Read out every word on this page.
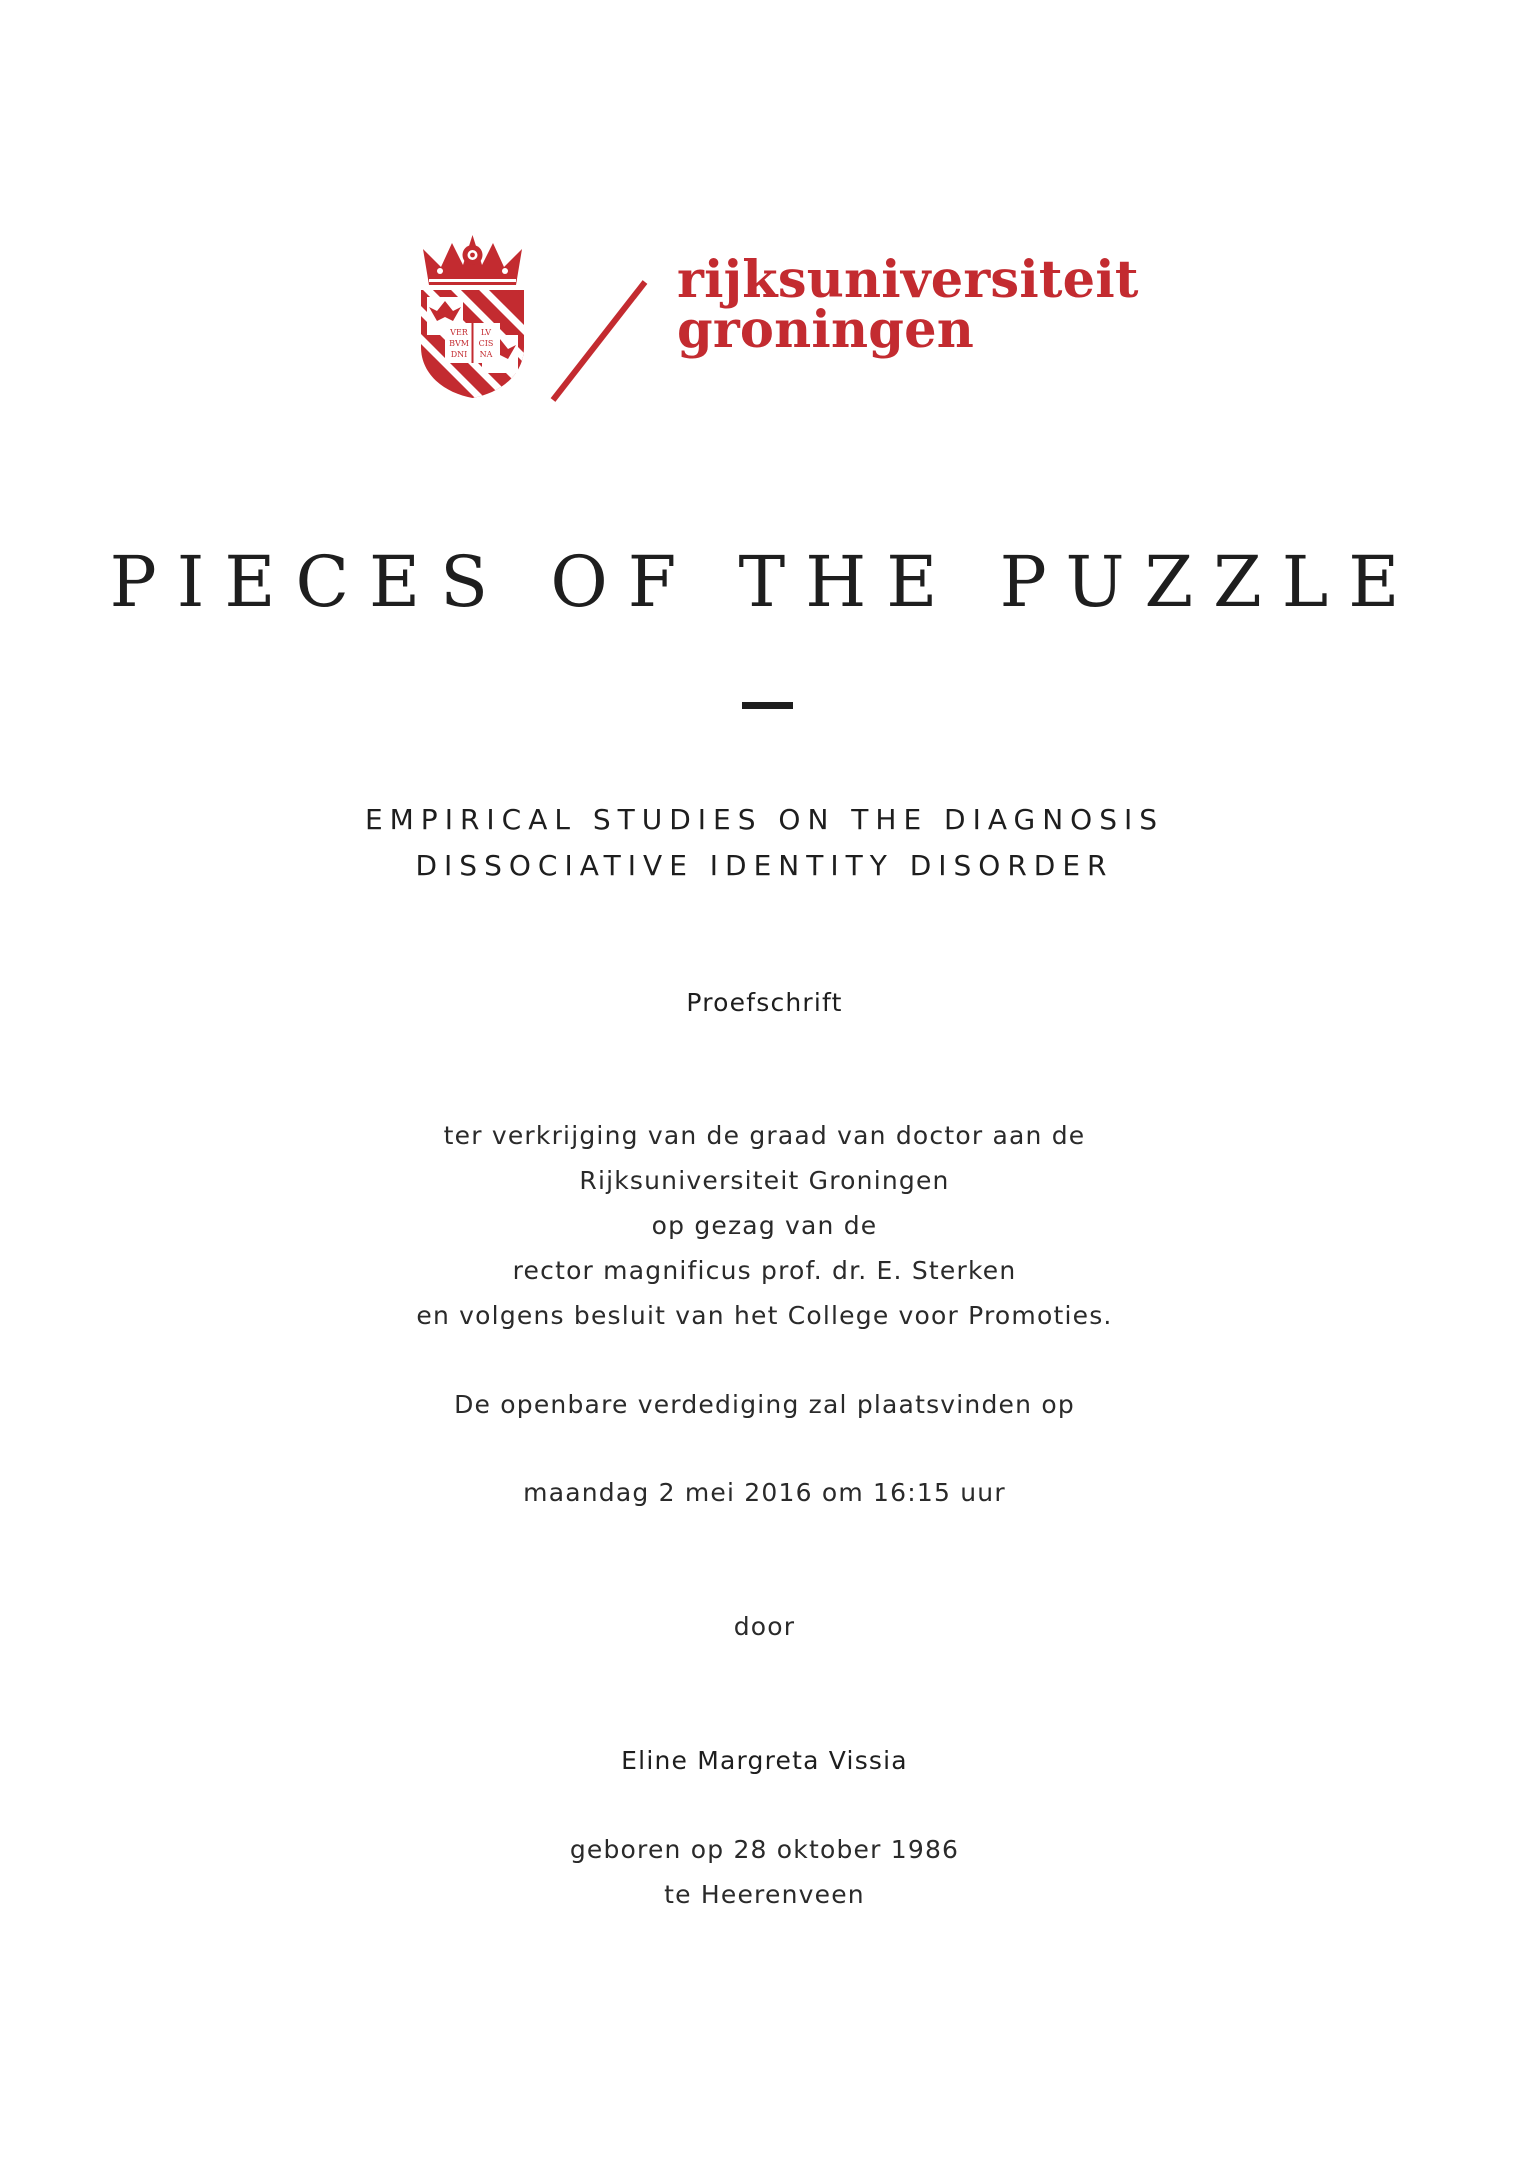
VER
BVM
DNI
LV
CIS
NA
rijksuniversiteit
groningen
PIECES OF THE PUZZLE
EMPIRICAL STUDIES ON THE DIAGNOSIS
DISSOCIATIVE IDENTITY DISORDER
Proefschrift
ter verkrijging van de graad van doctor aan de
Rijksuniversiteit Groningen
op gezag van de
rector magnificus prof. dr. E. Sterken
en volgens besluit van het College voor Promoties.
De openbare verdediging zal plaatsvinden op
maandag 2 mei 2016 om 16:15 uur
door
Eline Margreta Vissia
geboren op 28 oktober 1986
te Heerenveen
